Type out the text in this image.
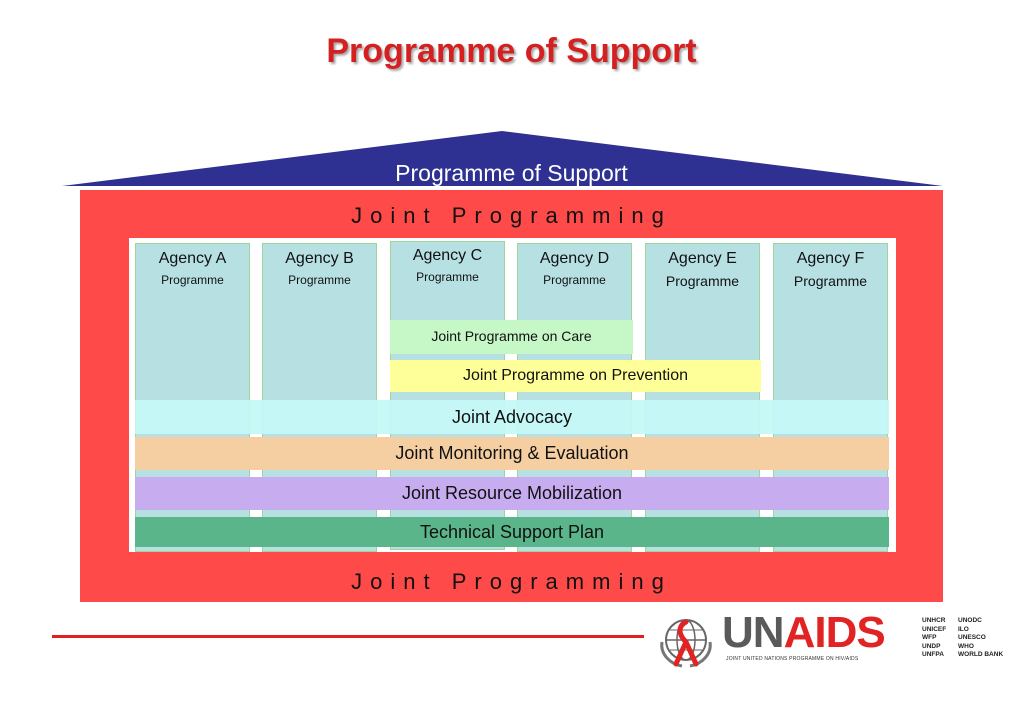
Programme of Support
Programme of Support
Joint Programming
Joint Programming
Agency A
Programme
Agency B
Programme
Agency C
Programme
Agency D
Programme
Agency E
Programme
Agency F
Programme
Joint Programme on Care
Joint Programme on Prevention
Joint Advocacy
Joint Monitoring & Evaluation
Joint Resource Mobilization
Technical Support Plan
UNAIDS
JOINT UNITED NATIONS PROGRAMME ON HIV/AIDS
UNHCR
UNICEF
WFP
UNDP
UNFPA
UNODC
ILO
UNESCO
WHO
WORLD BANK
